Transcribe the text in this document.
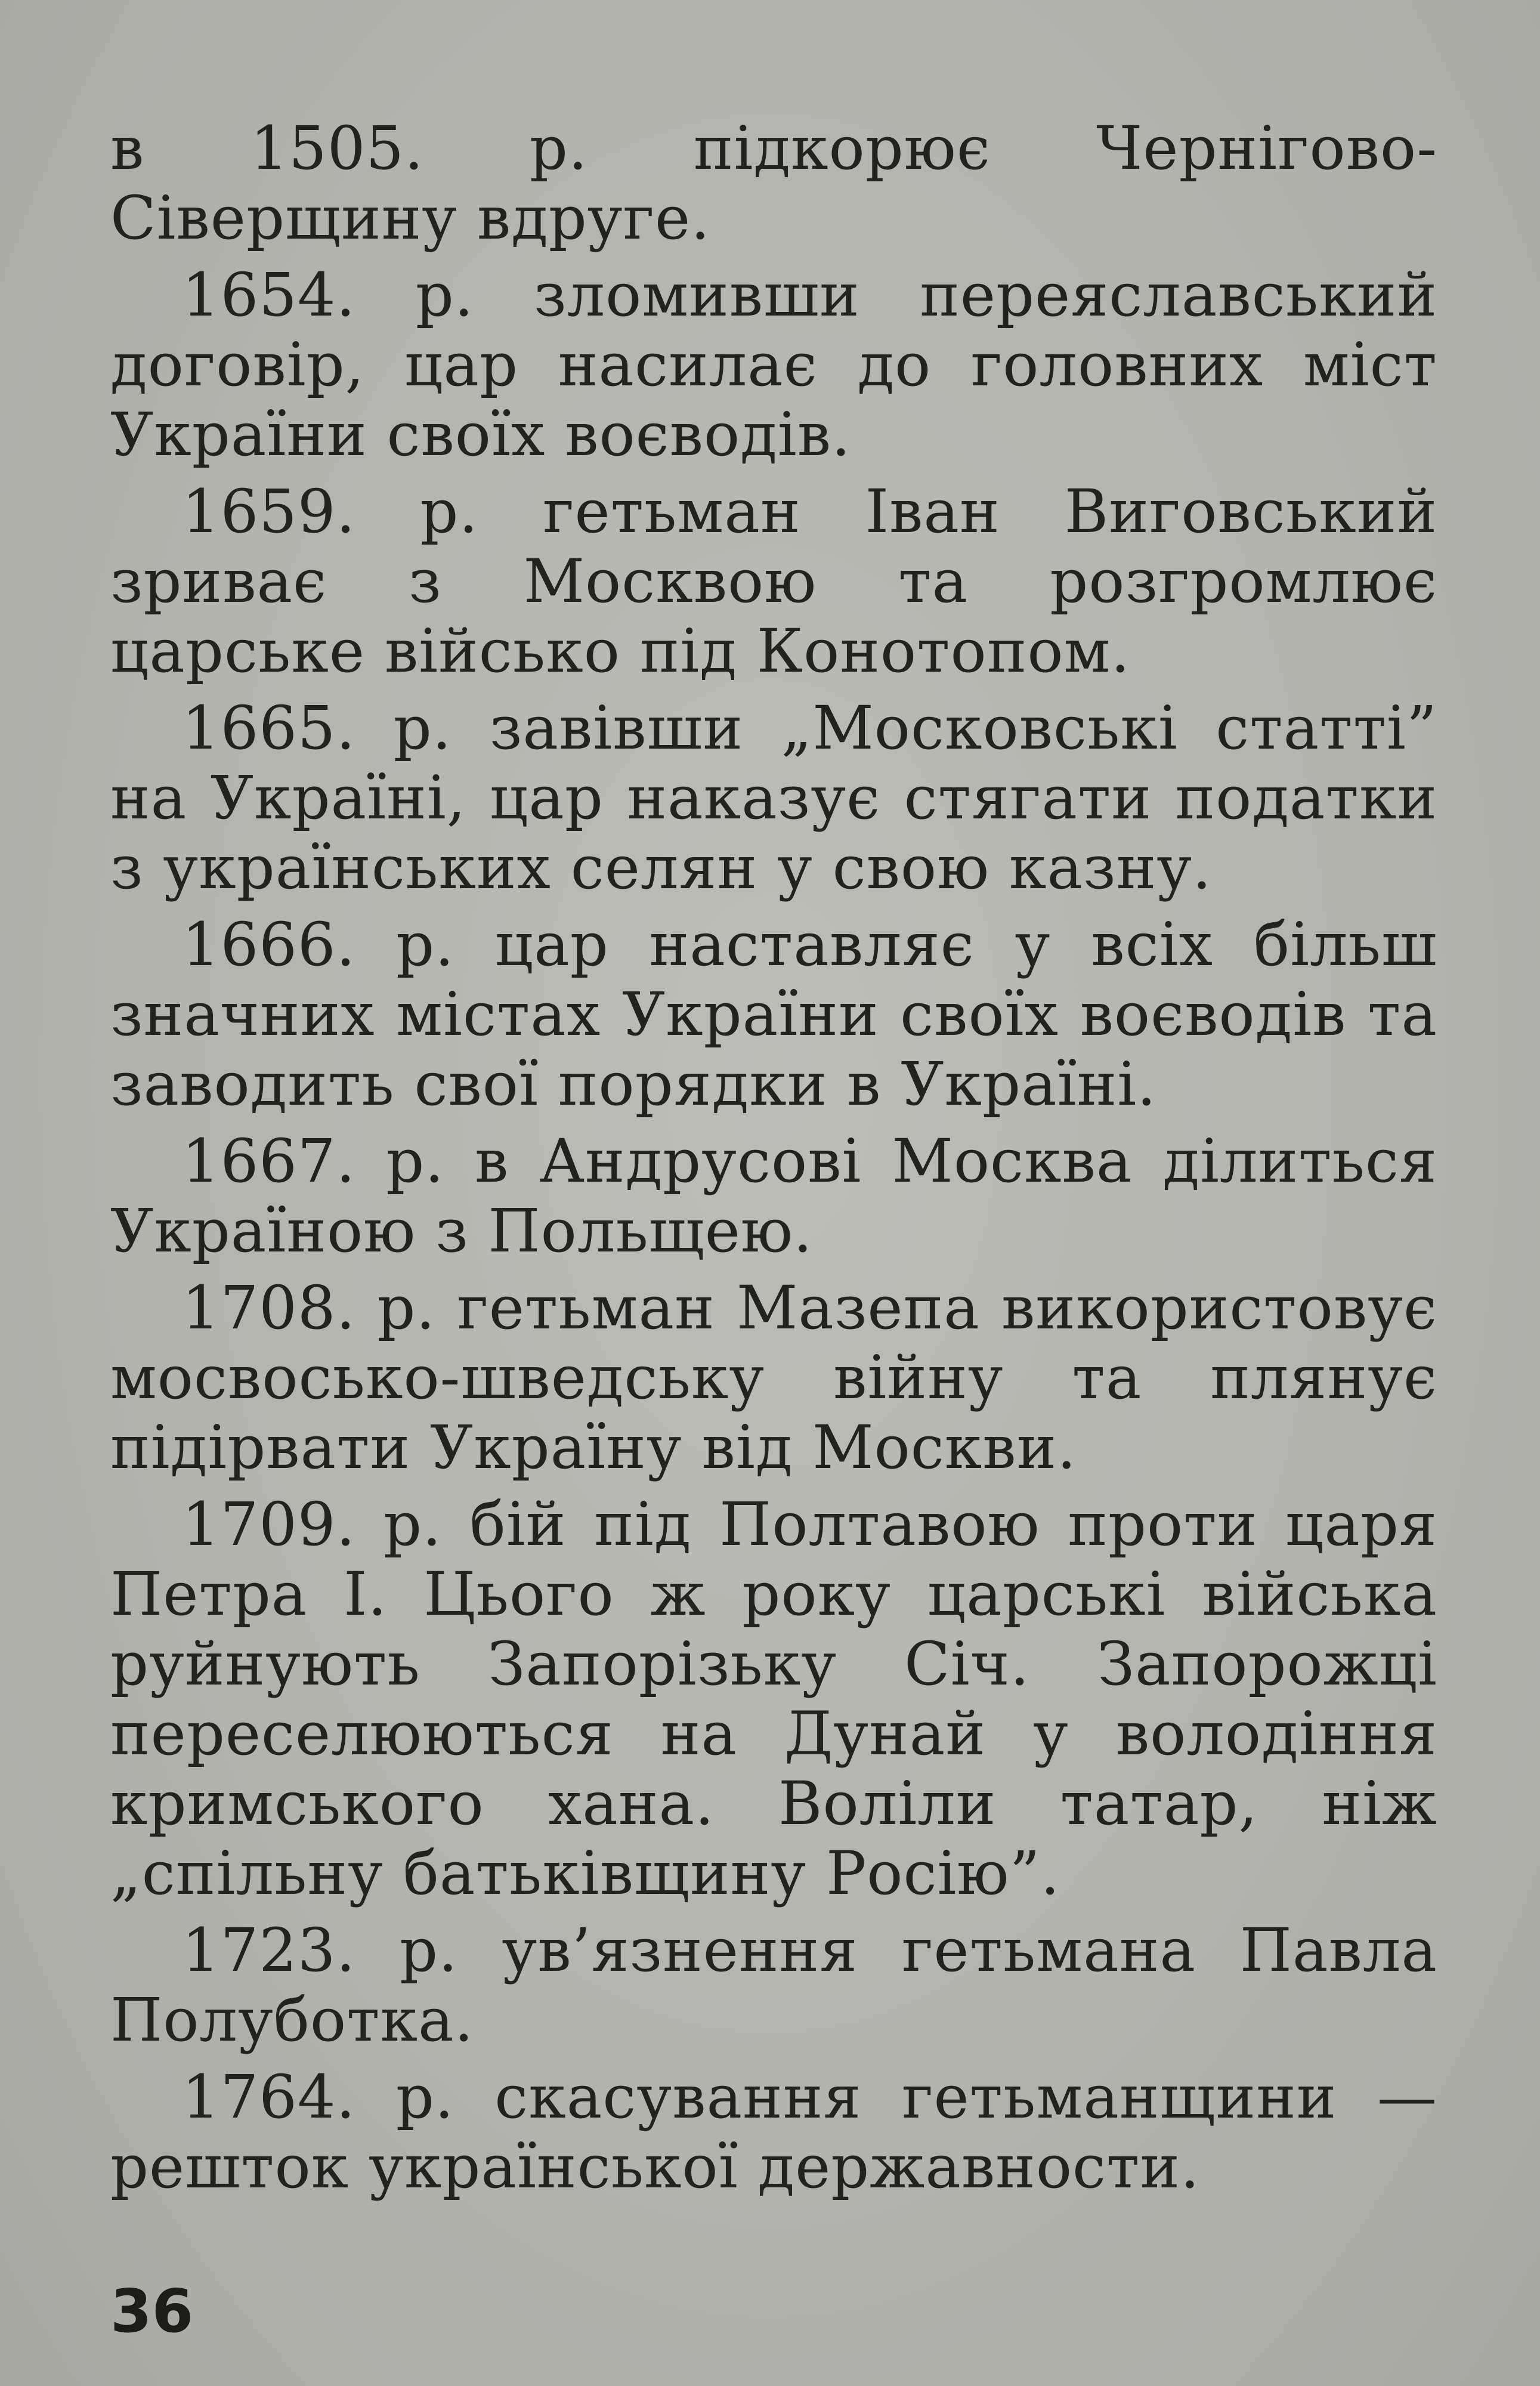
в 1505. р. підкорює Чернігово-Сіверщину вдруге.

1654. р. зломивши переяславський договір, цар насилає до головних міст України своїх воєводів.

1659. р. гетьман Іван Виговський зриває з Москвою та розгромлює царське військо під Конотопом.

1665. р. завівши „Московські статті” на Україні, цар наказує стягати податки з українських селян у свою казну.

1666. р. цар наставляє у всіх більш значних містах України своїх воєводів та заводить свої порядки в Україні.

1667. р. в Андрусові Москва ділиться Україною з Польщею.

1708. р. гетьман Мазепа використовує мосвосько-шведську війну та плянує підірвати Україну від Москви.

1709. р. бій під Полтавою проти царя Петра І. Цього ж року царські війська руйнують Запорізьку Січ. Запорожці переселюються на Дунай у володіння кримського хана. Воліли татар, ніж „спільну батьківщину Росію”.

1723. р. ув’язнення гетьмана Павла Полуботка.

1764. р. скасування гетьманщини — решток української державности.

36
